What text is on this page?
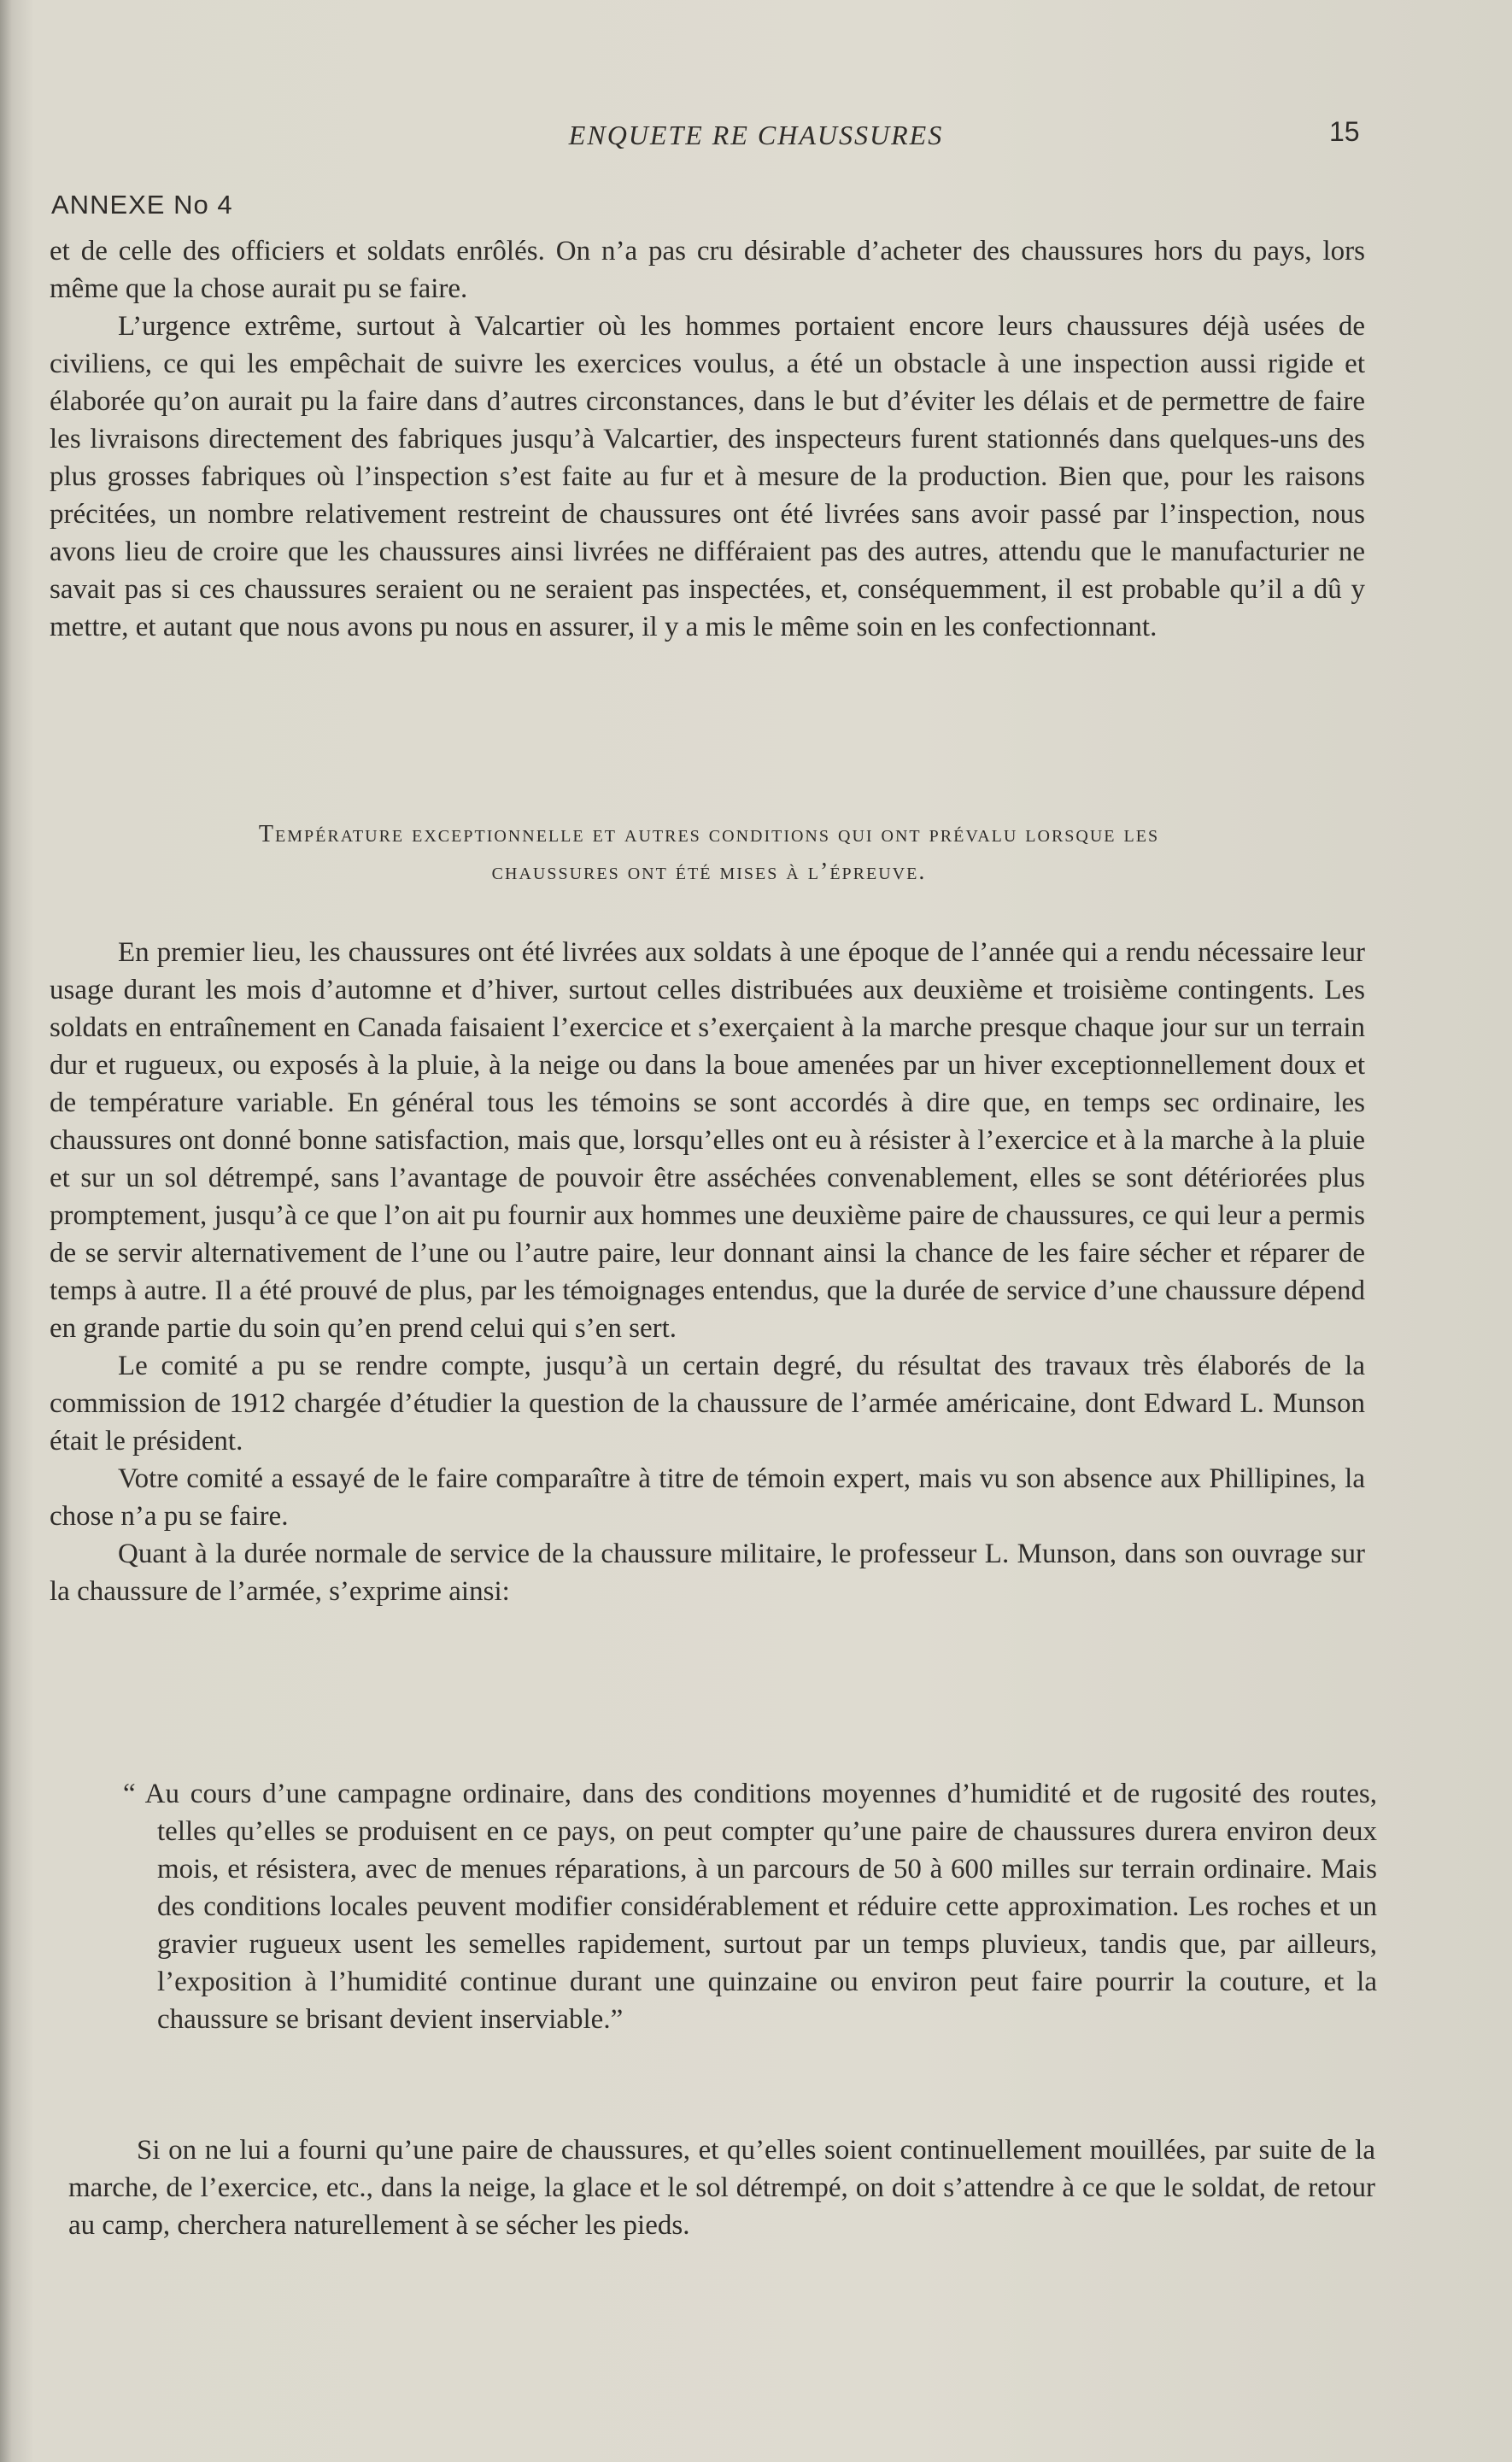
ENQUETE RE CHAUSSURES	15
ANNEXE No 4

et de celle des officiers et soldats enrôlés. On n’a pas cru désirable d’acheter des chaussures hors du pays, lors même que la chose aurait pu se faire.

L’urgence extrême, surtout à Valcartier où les hommes portaient encore leurs chaussures déjà usées de civiliens, ce qui les empêchait de suivre les exercices voulus, a été un obstacle à une inspection aussi rigide et élaborée qu’on aurait pu la faire dans d’autres circonstances, dans le but d’éviter les délais et de permettre de faire les livraisons directement des fabriques jusqu’à Valcartier, des inspecteurs furent stationnés dans quelques-uns des plus grosses fabriques où l’inspection s’est faite au fur et à mesure de la production. Bien que, pour les raisons précitées, un nombre relativement restreint de chaussures ont été livrées sans avoir passé par l’inspection, nous avons lieu de croire que les chaussures ainsi livrées ne différaient pas des autres, attendu que le manufacturier ne savait pas si ces chaussures seraient ou ne seraient pas inspectées, et, conséquemment, il est probable qu’il a dû y mettre, et autant que nous avons pu nous en assurer, il y a mis le même soin en les confectionnant.

Température exceptionnelle et autres conditions qui ont prévalu lorsque les
chaussures ont été mises à l’épreuve.

En premier lieu, les chaussures ont été livrées aux soldats à une époque de l’année qui a rendu nécessaire leur usage durant les mois d’automne et d’hiver, surtout celles distribuées aux deuxième et troisième contingents. Les soldats en entraînement en Canada faisaient l’exercice et s’exerçaient à la marche presque chaque jour sur un terrain dur et rugueux, ou exposés à la pluie, à la neige ou dans la boue amenées par un hiver exceptionnellement doux et de température variable. En général tous les témoins se sont accordés à dire que, en temps sec ordinaire, les chaussures ont donné bonne satisfaction, mais que, lorsqu’elles ont eu à résister à l’exercice et à la marche à la pluie et sur un sol détrempé, sans l’avantage de pouvoir être asséchées convenablement, elles se sont détériorées plus promptement, jusqu’à ce que l’on ait pu fournir aux hommes une deuxième paire de chaussures, ce qui leur a permis de se servir alternativement de l’une ou l’autre paire, leur donnant ainsi la chance de les faire sécher et réparer de temps à autre. Il a été prouvé de plus, par les témoignages entendus, que la durée de service d’une chaussure dépend en grande partie du soin qu’en prend celui qui s’en sert.

Le comité a pu se rendre compte, jusqu’à un certain degré, du résultat des travaux très élaborés de la commission de 1912 chargée d’étudier la question de la chaussure de l’armée américaine, dont Edward L. Munson était le président.

Votre comité a essayé de le faire comparaître à titre de témoin expert, mais vu son absence aux Phillipines, la chose n’a pu se faire.

Quant à la durée normale de service de la chaussure militaire, le professeur L. Munson, dans son ouvrage sur la chaussure de l’armée, s’exprime ainsi:

“ Au cours d’une campagne ordinaire, dans des conditions moyennes d’humidité et de rugosité des routes, telles qu’elles se produisent en ce pays, on peut compter qu’une paire de chaussures durera environ deux mois, et résistera, avec de menues réparations, à un parcours de 50 à 600 milles sur terrain ordinaire. Mais des conditions locales peuvent modifier considérablement et réduire cette approximation. Les roches et un gravier rugueux usent les semelles rapidement, surtout par un temps pluvieux, tandis que, par ailleurs, l’exposition à l’humidité continue durant une quinzaine ou environ peut faire pourrir la couture, et la chaussure se brisant devient inserviable.”

Si on ne lui a fourni qu’une paire de chaussures, et qu’elles soient continuellement mouillées, par suite de la marche, de l’exercice, etc., dans la neige, la glace et le sol détrempé, on doit s’attendre à ce que le soldat, de retour au camp, cherchera naturellement à se sécher les pieds.
